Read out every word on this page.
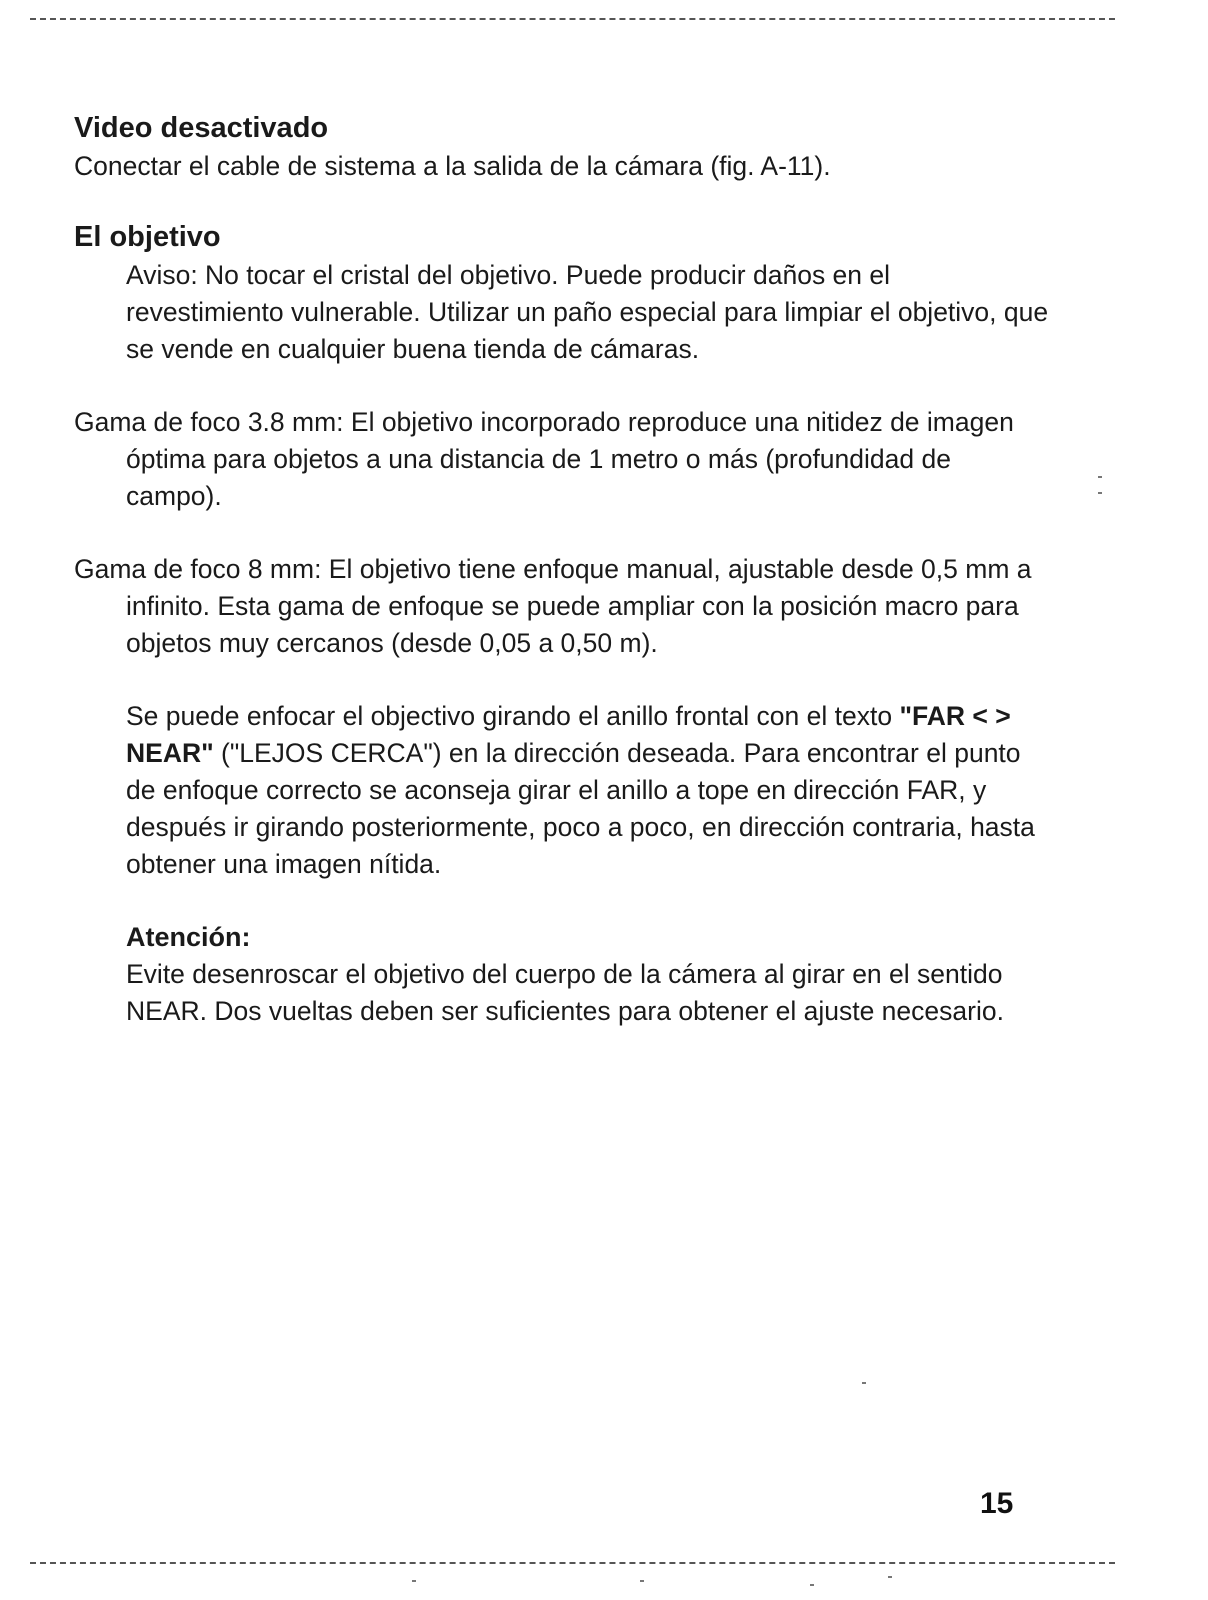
Video desactivado

Conectar el cable de sistema a la salida de la cámara (fig. A-11).

El objetivo

Aviso: No tocar el cristal del objetivo. Puede producir daños en el revestimiento vulnerable. Utilizar un paño especial para limpiar el objetivo, que se vende en cualquier buena tienda de cámaras.

Gama de foco 3.8 mm: El objetivo incorporado reproduce una nitidez de imagen óptima para objetos a una distancia de 1 metro o más (profundidad de campo).

Gama de foco 8 mm: El objetivo tiene enfoque manual, ajustable desde 0,5 mm a infinito. Esta gama de enfoque se puede ampliar con la posición macro para objetos muy cercanos (desde 0,05 a 0,50 m).

Se puede enfocar el objectivo girando el anillo frontal con el texto "FAR < > NEAR" ("LEJOS CERCA") en la dirección deseada. Para encontrar el punto de enfoque correcto se aconseja girar el anillo a tope en dirección FAR, y después ir girando posteriormente, poco a poco, en dirección contraria, hasta obtener una imagen nítida.

Atención:

Evite desenroscar el objetivo del cuerpo de la cámera al girar en el sentido NEAR. Dos vueltas deben ser suficientes para obtener el ajuste necesario.

15
